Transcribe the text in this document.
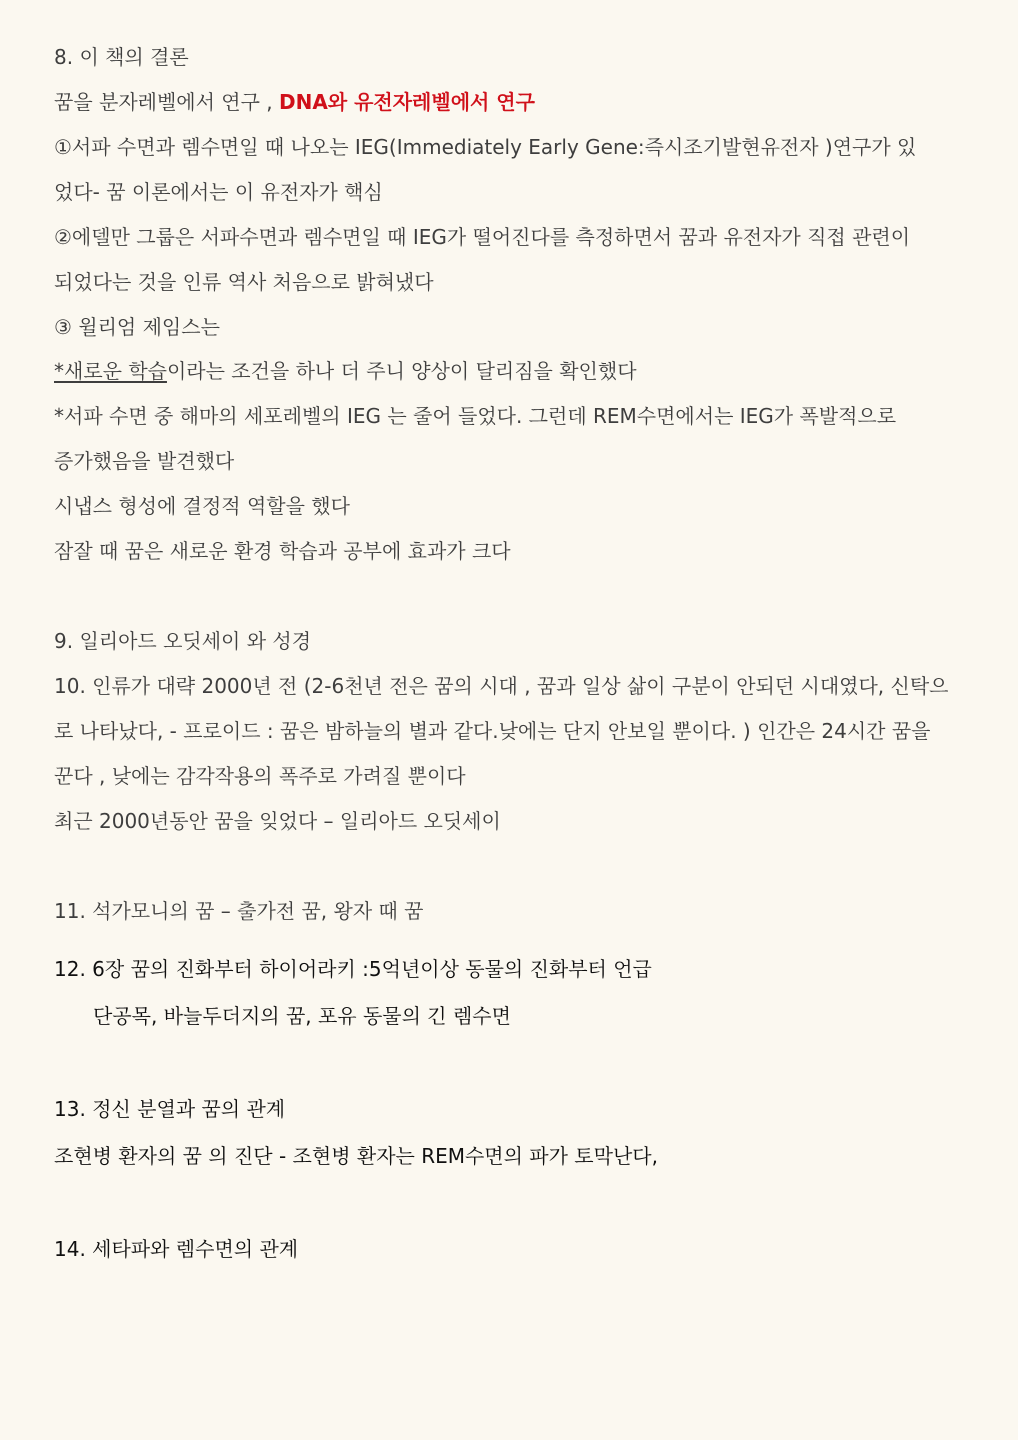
8. 이 책의 결론
꿈을 분자레벨에서 연구 , DNA와 유전자레벨에서 연구
①서파 수면과 렘수면일 때 나오는 IEG(Immediately Early Gene:즉시조기발현유전자 )연구가 있
었다- 꿈 이론에서는 이 유전자가 핵심
②에델만 그룹은 서파수면과 렘수면일 때 IEG가 떨어진다를 측정하면서 꿈과 유전자가 직접 관련이
되었다는 것을 인류 역사 처음으로 밝혀냈다
③ 윌리엄 제임스는
*새로운 학습이라는 조건을 하나 더 주니 양상이 달리짐을 확인했다
*서파 수면 중 해마의 세포레벨의 IEG 는 줄어 들었다. 그런데 REM수면에서는 IEG가 폭발적으로
증가했음을 발견했다
시냅스 형성에 결정적 역할을 했다
잠잘 때 꿈은 새로운 환경 학습과 공부에 효과가 크다
9. 일리아드 오딧세이 와 성경
10. 인류가 대략 2000년 전 (2-6천년 전은 꿈의 시대 , 꿈과 일상 삶이 구분이 안되던 시대였다, 신탁으
로 나타났다, - 프로이드 : 꿈은 밤하늘의 별과 같다.낮에는 단지 안보일 뿐이다. ) 인간은 24시간 꿈을
꾼다 , 낮에는 감각작용의 폭주로 가려질 뿐이다
최근 2000년동안 꿈을 잊었다 – 일리아드 오딧세이
11. 석가모니의 꿈 – 출가전 꿈, 왕자 때 꿈
12. 6장 꿈의 진화부터 하이어라키 :5억년이상 동물의 진화부터 언급
단공목, 바늘두더지의 꿈, 포유 동물의 긴 렘수면
13. 정신 분열과 꿈의 관계
조현병 환자의 꿈 의 진단 - 조현병 환자는 REM수면의 파가 토막난다,
14. 세타파와 렘수면의 관계
